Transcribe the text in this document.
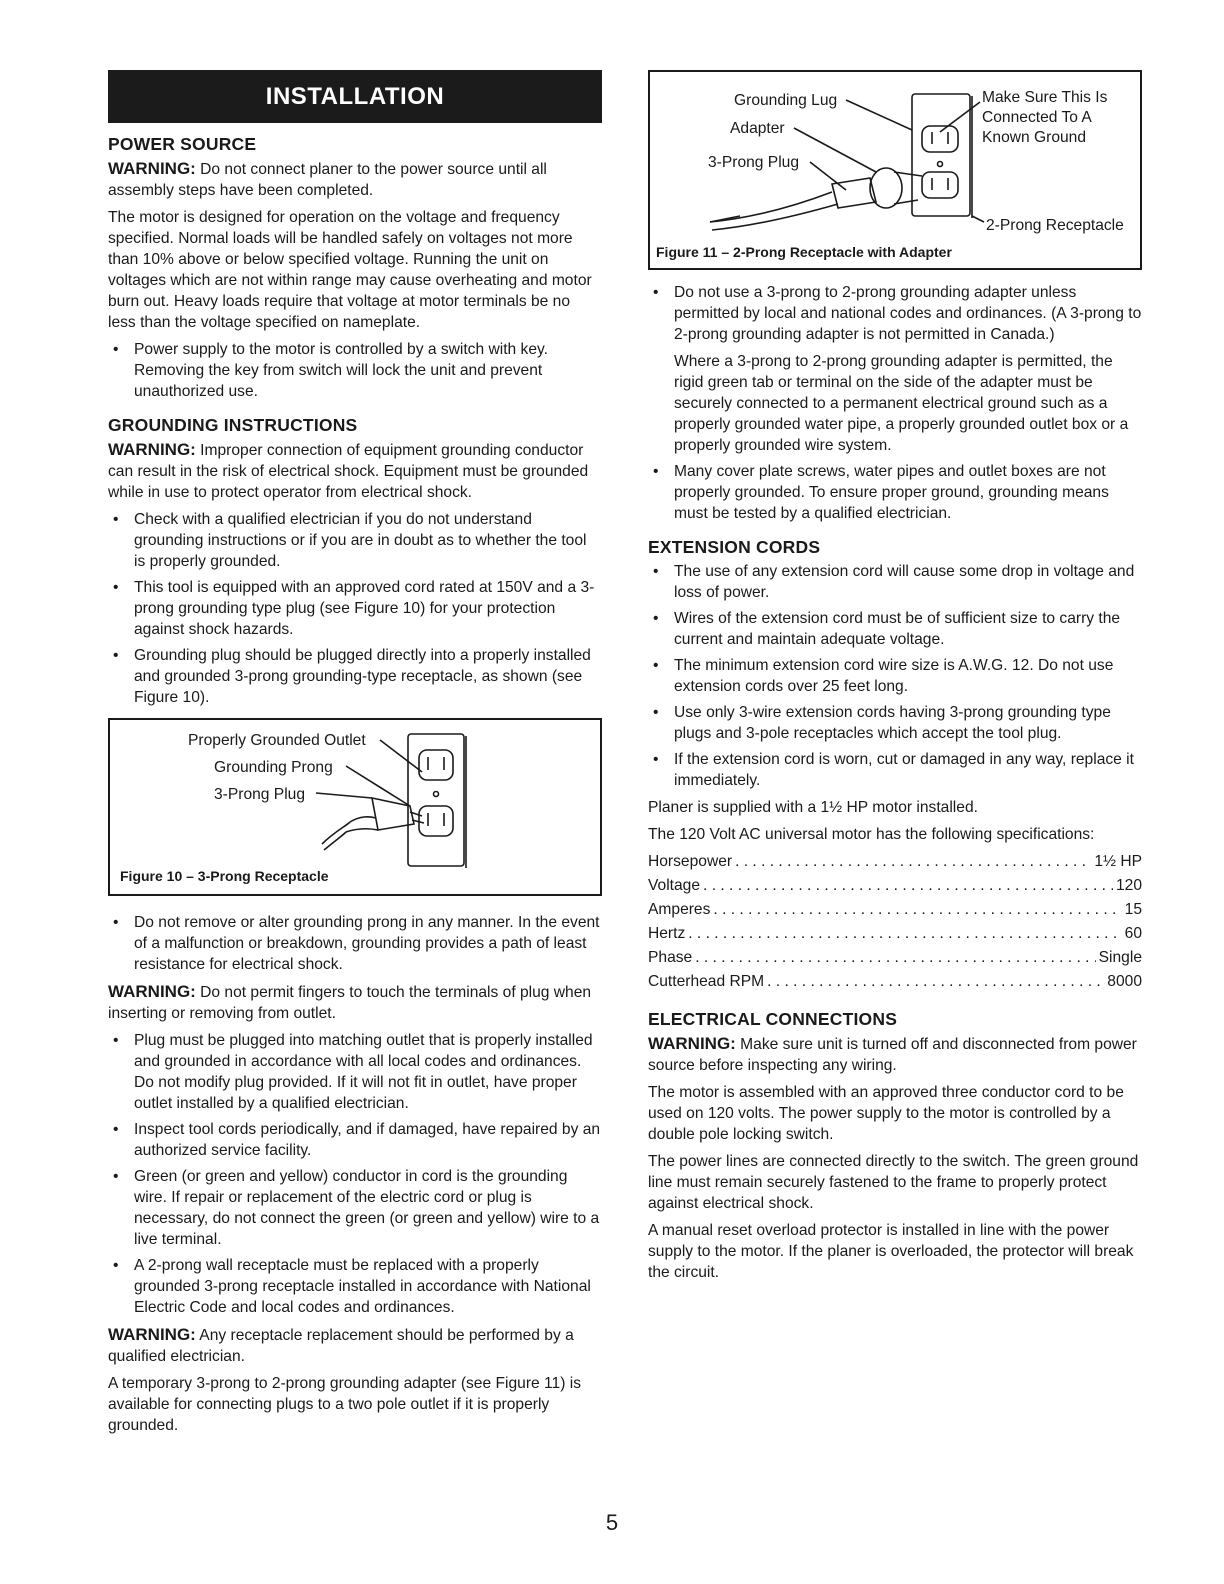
INSTALLATION
POWER SOURCE

WARNING: Do not connect planer to the power source until all assembly steps have been completed.

The motor is designed for operation on the voltage and frequency specified. Normal loads will be handled safely on voltages not more than 10% above or below specified voltage. Running the unit on voltages which are not within range may cause overheating and motor burn out. Heavy loads require that voltage at motor terminals be no less than the voltage specified on nameplate.

• Power supply to the motor is controlled by a switch with key. Removing the key from switch will lock the unit and prevent unauthorized use.
GROUNDING INSTRUCTIONS

WARNING: Improper connection of equipment grounding conductor can result in the risk of electrical shock. Equipment must be grounded while in use to protect operator from electrical shock.

• Check with a qualified electrician if you do not understand grounding instructions or if you are in doubt as to whether the tool is properly grounded.
• This tool is equipped with an approved cord rated at 150V and a 3-prong grounding type plug (see Figure 10) for your protection against shock hazards.
• Grounding plug should be plugged directly into a properly installed and grounded 3-prong grounding-type receptacle, as shown (see Figure 10).
Properly Grounded Outlet
Grounding Prong
3-Prong Plug
Figure 10 – 3-Prong Receptacle
• Do not remove or alter grounding prong in any manner. In the event of a malfunction or breakdown, grounding provides a path of least resistance for electrical shock.

WARNING: Do not permit fingers to touch the terminals of plug when inserting or removing from outlet.

• Plug must be plugged into matching outlet that is properly installed and grounded in accordance with all local codes and ordinances. Do not modify plug provided. If it will not fit in outlet, have proper outlet installed by a qualified electrician.
• Inspect tool cords periodically, and if damaged, have repaired by an authorized service facility.
• Green (or green and yellow) conductor in cord is the grounding wire. If repair or replacement of the electric cord or plug is necessary, do not connect the green (or green and yellow) wire to a live terminal.
• A 2-prong wall receptacle must be replaced with a properly grounded 3-prong receptacle installed in accordance with National Electric Code and local codes and ordinances.

WARNING: Any receptacle replacement should be performed by a qualified electrician.

A temporary 3-prong to 2-prong grounding adapter (see Figure 11) is available for connecting plugs to a two pole outlet if it is properly grounded.

Grounding Lug
Adapter
3-Prong Plug
Make Sure This Is Connected To A Known Ground
2-Prong Receptacle
Figure 11 – 2-Prong Receptacle with Adapter
• Do not use a 3-prong to 2-prong grounding adapter unless permitted by local and national codes and ordinances. (A 3-prong to 2-prong grounding adapter is not permitted in Canada.)
Where a 3-prong to 2-prong grounding adapter is permitted, the rigid green tab or terminal on the side of the adapter must be securely connected to a permanent electrical ground such as a properly grounded water pipe, a properly grounded outlet box or a properly grounded wire system.
• Many cover plate screws, water pipes and outlet boxes are not properly grounded. To ensure proper ground, grounding means must be tested by a qualified electrician.
EXTENSION CORDS
• The use of any extension cord will cause some drop in voltage and loss of power.
• Wires of the extension cord must be of sufficient size to carry the current and maintain adequate voltage.
• The minimum extension cord wire size is A.W.G. 12. Do not use extension cords over 25 feet long.
• Use only 3-wire extension cords having 3-prong grounding type plugs and 3-pole receptacles which accept the tool plug.
• If the extension cord is worn, cut or damaged in any way, replace it immediately.

Planer is supplied with a 1½ HP motor installed.

The 120 Volt AC universal motor has the following specifications:

Horsepower . . .	1½ HP
Voltage . . .	120
Amperes . . .	15
Hertz . . .	60
Phase . . .	Single
Cutterhead RPM . . .	8000
ELECTRICAL CONNECTIONS

WARNING: Make sure unit is turned off and disconnected from power source before inspecting any wiring.

The motor is assembled with an approved three conductor cord to be used on 120 volts. The power supply to the motor is controlled by a double pole locking switch.

The power lines are connected directly to the switch. The green ground line must remain securely fastened to the frame to properly protect against electrical shock.

A manual reset overload protector is installed in line with the power supply to the motor. If the planer is overloaded, the protector will break the circuit.

5
